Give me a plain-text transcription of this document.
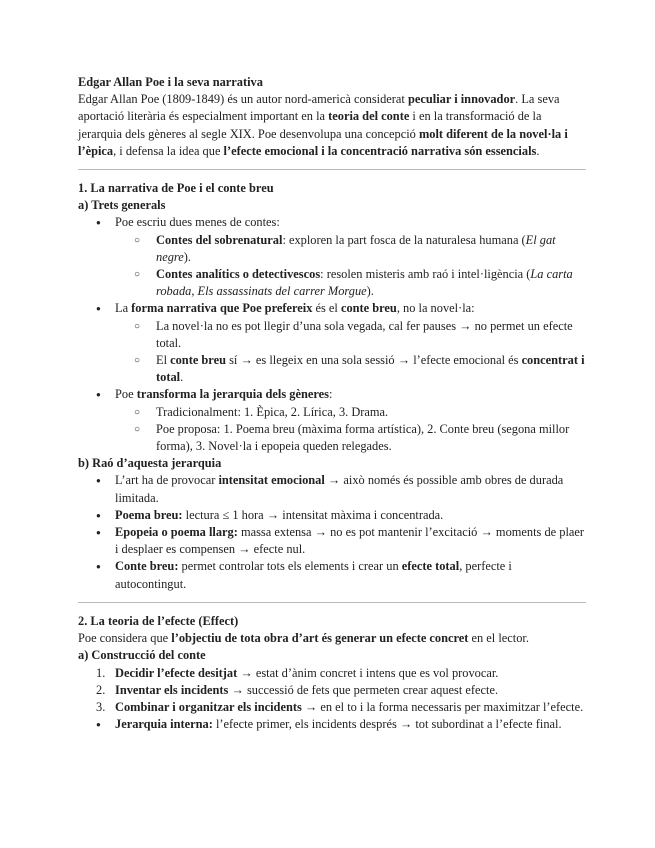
Edgar Allan Poe i la seva narrativa

Edgar Allan Poe (1809-1849) és un autor nord-americà considerat peculiar i innovador. La seva aportació literària és especialment important en la teoria del conte i en la transformació de la jerarquia dels gèneres al segle XIX. Poe desenvolupa una concepció molt diferent de la novel·la i l’èpica, i defensa la idea que l’efecte emocional i la concentració narrativa són essencials.

1. La narrativa de Poe i el conte breu

a) Trets generals

● Poe escriu dues menes de contes:
○ Contes del sobrenatural: exploren la part fosca de la naturalesa humana (El gat negre).
○ Contes analítics o detectivescos: resolen misteris amb raó i intel·ligència (La carta robada, Els assassinats del carrer Morgue).
● La forma narrativa que Poe prefereix és el conte breu, no la novel·la:
○ La novel·la no es pot llegir d’una sola vegada, cal fer pauses → no permet un efecte total.
○ El conte breu sí → es llegeix en una sola sessió → l’efecte emocional és concentrat i total.
● Poe transforma la jerarquia dels gèneres:
○ Tradicionalment: 1. Èpica, 2. Lírica, 3. Drama.
○ Poe proposa: 1. Poema breu (màxima forma artística), 2. Conte breu (segona millor forma), 3. Novel·la i epopeia queden relegades.

b) Raó d’aquesta jerarquia

● L’art ha de provocar intensitat emocional → això només és possible amb obres de durada limitada.
● Poema breu: lectura ≤ 1 hora → intensitat màxima i concentrada.
● Epopeia o poema llarg: massa extensa → no es pot mantenir l’excitació → moments de plaer i desplaer es compensen → efecte nul.
● Conte breu: permet controlar tots els elements i crear un efecte total, perfecte i autocontingut.

2. La teoria de l’efecte (Effect)

Poe considera que l’objectiu de tota obra d’art és generar un efecte concret en el lector.

a) Construcció del conte

1. Decidir l’efecte desitjat → estat d’ànim concret i intens que es vol provocar.
2. Inventar els incidents → successió de fets que permeten crear aquest efecte.
3. Combinar i organitzar els incidents → en el to i la forma necessaris per maximitzar l’efecte.
● Jerarquia interna: l’efecte primer, els incidents després → tot subordinat a l’efecte final.
